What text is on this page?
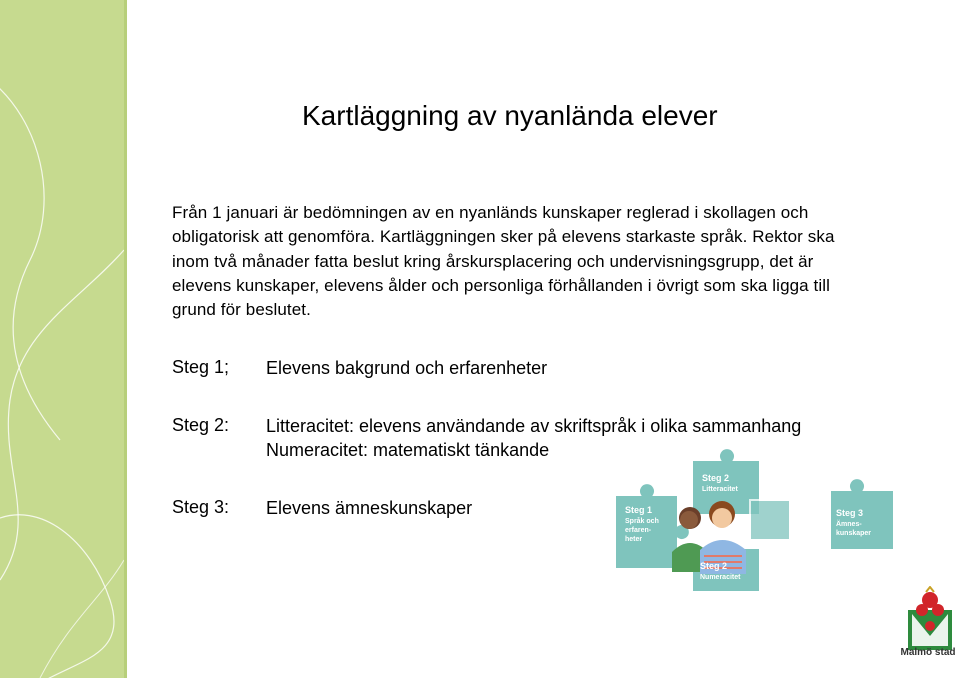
Kartläggning av nyanlända elever
Från 1 januari är bedömningen av en nyanländs kunskaper reglerad i skollagen och obligatorisk att genomföra. Kartläggningen sker på elevens starkaste språk. Rektor ska inom två månader fatta beslut kring årskursplacering och undervisningsgrupp, det är elevens kunskaper, elevens ålder och personliga förhållanden i övrigt som ska ligga till grund för beslutet.
Steg 1; Elevens bakgrund och erfarenheter
Steg 2: Litteracitet: elevens användande av skriftspråk i olika sammanhang
Numeracitet: matematiskt tänkande
Steg 3: Elevens ämneskunskaper	Steg 1
Språk och
erfaren-
heter
Steg 2
Litteracitet
Steg 2
Numeracitet
Steg 3
Ämnes-
kunskaper
Malmö stad
